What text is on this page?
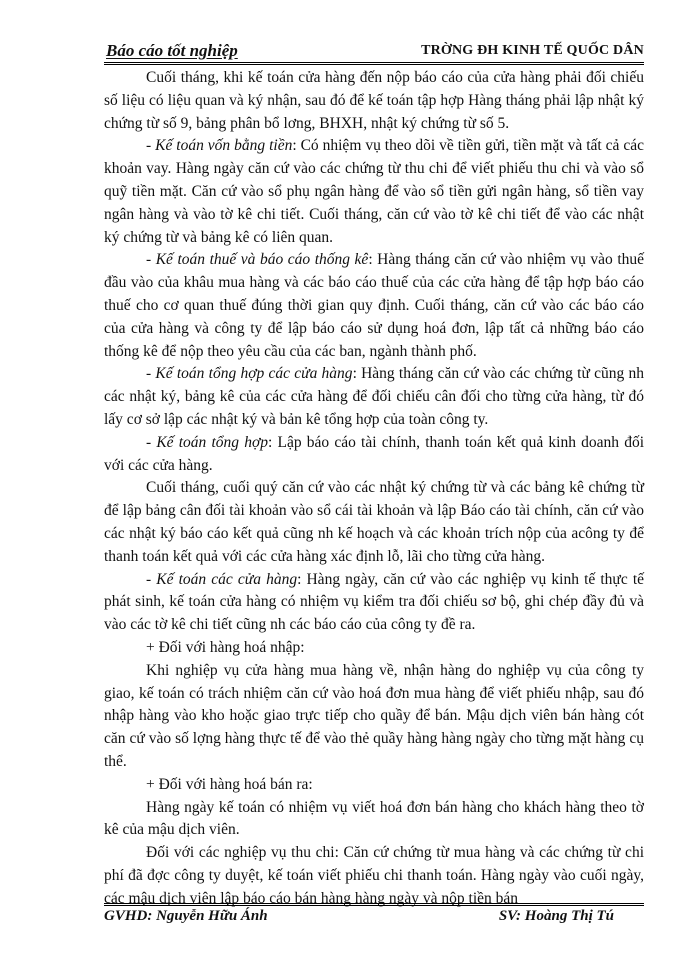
Báo cáo tốt nghiệp	TRỜNG ĐH KINH TẾ QUỐC DÂN

Cuối tháng, khi kế toán cửa hàng đến nộp báo cáo của cửa hàng phải đối chiếu số liệu có liệu quan và ký nhận, sau đó để kế toán tập hợp Hàng tháng phải lập nhật ký chứng từ số 9, bảng phân bổ lơng, BHXH, nhật ký chứng từ số 5.

- Kế toán vốn bằng tiền: Có nhiệm vụ theo dõi về tiền gửi, tiền mặt và tất cả các khoản vay. Hàng ngày căn cứ vào các chứng từ thu chi để viết phiếu thu chi và vào sổ quỹ tiền mặt. Căn cứ vào sổ phụ ngân hàng để vào sổ tiền gửi ngân hàng, sổ tiền vay ngân hàng và vào tờ kê chi tiết. Cuối tháng, căn cứ vào tờ kê chi tiết để vào các nhật ký chứng từ và bảng kê có liên quan.

- Kế toán thuế và báo cáo thống kê: Hàng tháng căn cứ vào nhiệm vụ vào thuế đầu vào của khâu mua hàng và các báo cáo thuế của các cửa hàng để tập hợp báo cáo thuế cho cơ quan thuế đúng thời gian quy định. Cuối tháng, căn cứ vào các báo cáo của cửa hàng và công ty để lập báo cáo sử dụng hoá đơn, lập tất cả những báo cáo thống kê để nộp theo yêu cầu của các ban, ngành thành phố.

- Kế toán tổng hợp các cửa hàng: Hàng tháng căn cứ vào các chứng từ cũng nh các nhật ký, bảng kê của các cửa hàng để đối chiếu cân đối cho từng cửa hàng, từ đó lấy cơ sở lập các nhật ký và bản kê tổng hợp của toàn công ty.

- Kế toán tổng hợp: Lập báo cáo tài chính, thanh toán kết quả kinh doanh đối với các cửa hàng.

Cuối tháng, cuối quý căn cứ vào các nhật ký chứng từ và các bảng kê chứng từ để lập bảng cân đối tài khoản vào sổ cái tài khoản và lập Báo cáo tài chính, căn cứ vào các nhật ký báo cáo kết quả cũng nh kế hoạch và các khoản trích nộp của acông ty để thanh toán kết quả với các cửa hàng xác định lỗ, lãi cho từng cửa hàng.

- Kế toán các cửa hàng: Hàng ngày, căn cứ vào các nghiệp vụ kinh tế thực tế phát sinh, kế toán cửa hàng có nhiệm vụ kiểm tra đối chiếu sơ bộ, ghi chép đầy đủ và vào các tờ kê chi tiết cũng nh các báo cáo của công ty đề ra.

+ Đối với hàng hoá nhập:

Khi nghiệp vụ cửa hàng mua hàng về, nhận hàng do nghiệp vụ của công ty giao, kế toán có trách nhiệm căn cứ vào hoá đơn mua hàng để viết phiếu nhập, sau đó nhập hàng vào kho hoặc giao trực tiếp cho quầy để bán. Mậu dịch viên bán hàng cót căn cứ vào số lợng hàng thực tế để vào thẻ quầy hàng hàng ngày cho từng mặt hàng cụ thể.

+ Đối với hàng hoá bán ra:

Hàng ngày kế toán có nhiệm vụ viết hoá đơn bán hàng cho khách hàng theo tờ kê của mậu dịch viên.

Đối với các nghiệp vụ thu chi: Căn cứ chứng từ mua hàng và các chứng từ chi phí đã đợc công ty duyệt, kế toán viết phiếu chi thanh toán. Hàng ngày vào cuối ngày, các mậu dịch viên lập báo cáo bán hàng hàng ngày và nộp tiền bán

GVHD: Nguyễn Hữu Ánh	SV: Hoàng Thị Tú
